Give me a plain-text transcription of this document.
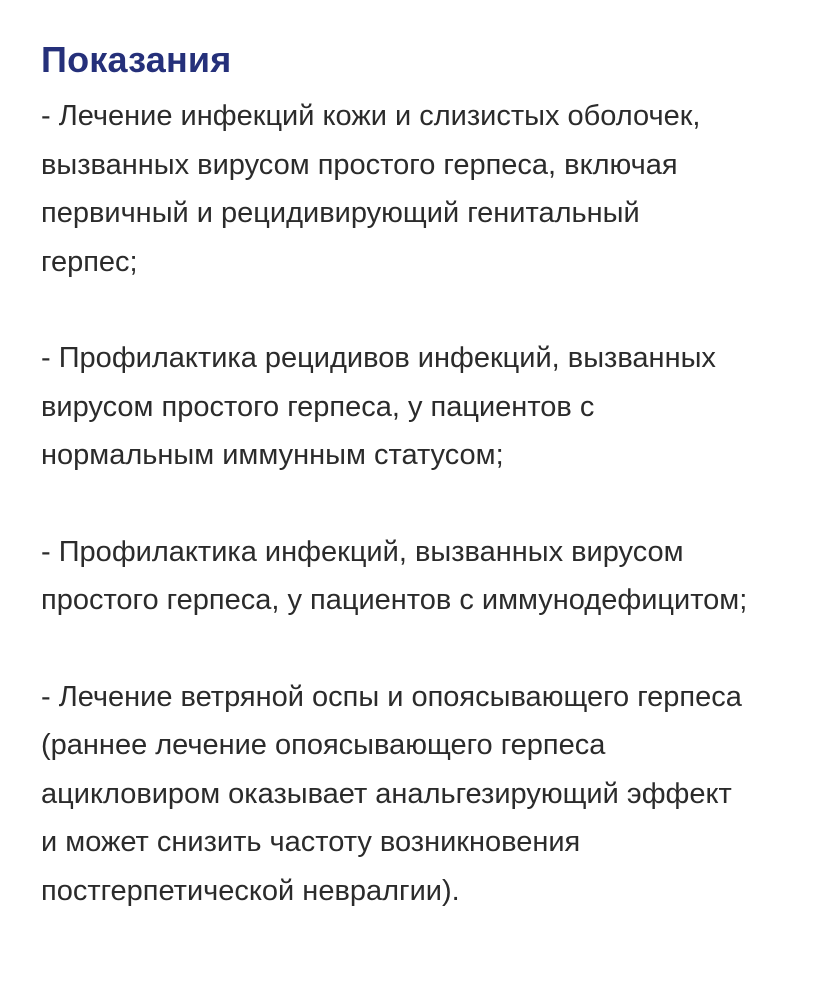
Показания
- Лечение инфекций кожи и слизистых оболочек,
вызванных вирусом простого герпеса, включая
первичный и рецидивирующий генитальный
герпес;
- Профилактика рецидивов инфекций, вызванных
вирусом простого герпеса, у пациентов с
нормальным иммунным статусом;
- Профилактика инфекций, вызванных вирусом
простого герпеса, у пациентов с иммунодефицитом;
- Лечение ветряной оспы и опоясывающего герпеса
(раннее лечение опоясывающего герпеса
ацикловиром оказывает анальгезирующий эффект
и может снизить частоту возникновения
постгерпетической невралгии).
